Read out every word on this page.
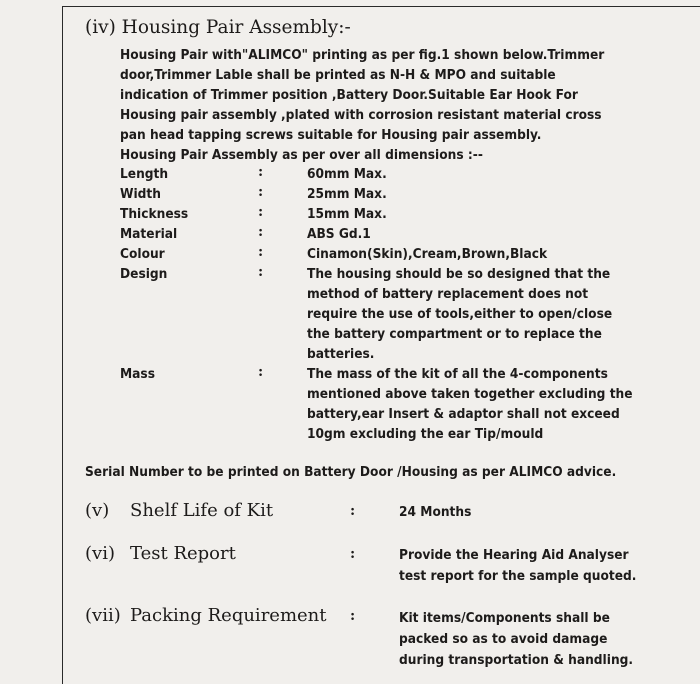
(iv) Housing Pair Assembly:-
Housing Pair with"ALIMCO" printing as per fig.1 shown below.Trimmer
door,Trimmer Lable shall be printed as N-H & MPO and suitable
indication of Trimmer position ,Battery Door.Suitable Ear Hook For
Housing pair assembly ,plated with corrosion resistant material cross
pan head tapping screws suitable for Housing pair assembly.
Housing Pair Assembly as per over all dimensions :--
Length	:	60mm Max.
Width	:	25mm Max.
Thickness	:	15mm Max.
Material	:	ABS Gd.1
Colour	:	Cinamon(Skin),Cream,Brown,Black
Design	:	The housing should be so designed that the
method of battery replacement does not
require the use of tools,either to open/close
the battery compartment or to replace the
batteries.
Mass	:	The mass of the kit of all the 4-components
mentioned above taken together excluding the
battery,ear Insert & adaptor shall not exceed
10gm excluding the ear Tip/mould
Serial Number to be printed on Battery Door /Housing as per ALIMCO advice.
(v) Shelf Life of Kit	:	24 Months
(vi) Test Report	:	Provide the Hearing Aid Analyser
test report for the sample quoted.
(vii) Packing Requirement :	Kit items/Components shall be
packed so as to avoid damage
during transportation & handling.
